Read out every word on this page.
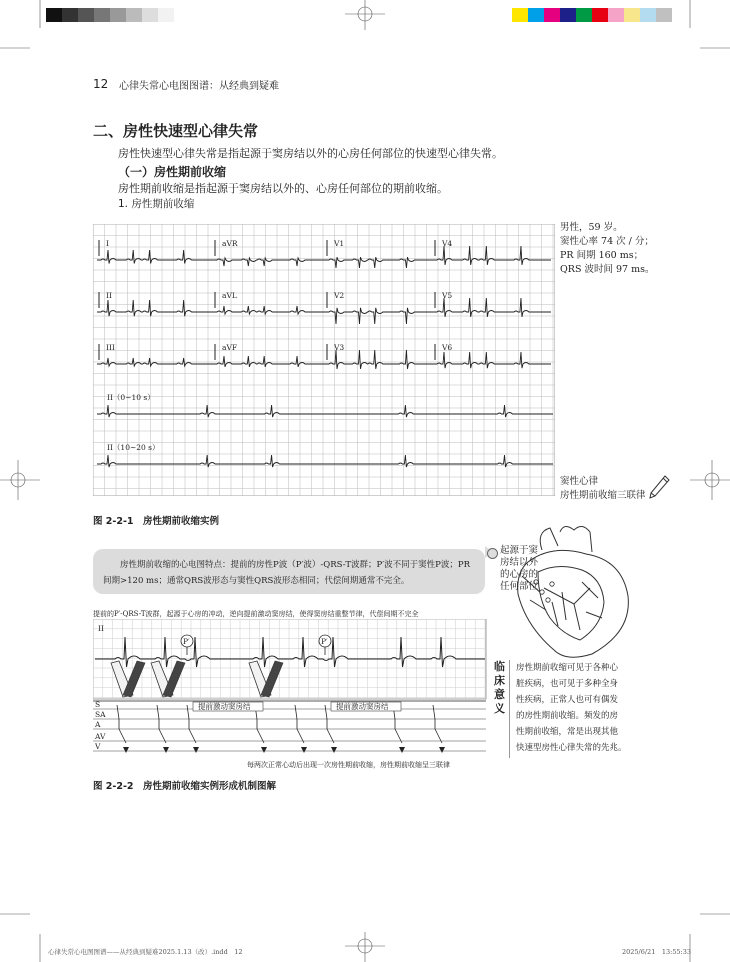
12 心律失常心电图图谱：从经典到疑难
二、房性快速型心律失常
房性快速型心律失常是指起源于窦房结以外的心房任何部位的快速型心律失常。
（一）房性期前收缩
房性期前收缩是指起源于窦房结以外的、心房任何部位的期前收缩。
1. 房性期前收缩
I	aVR	V1	V4
II	aVL	V2	V5
III	aVF	V3	V6
II（0~10 s）
II（10~20 s）
男性，59 岁。
窦性心率 74 次 / 分；
PR 间期 160 ms；
QRS 波时间 97 ms。
窦性心律
房性期前收缩三联律
图 2-2-1　房性期前收缩实例
房性期前收缩的心电图特点：提前的房性P波（P′波）-QRS-T波群；P′波不同于窦性P波；PR间期>120 ms；通常QRS波形态与窦性QRS波形态相同；代偿间期通常不完全。
起源于窦房结以外的心房的任何部位
临
床
意
义
房性期前收缩可见于各种心
脏疾病，也可见于多种全身
性疾病，正常人也可有偶发
的房性期前收缩。频发的房
性期前收缩，常是出现其他
快速型房性心律失常的先兆。
提前的P′-QRS-T波群，起源于心房的冲动，逆向提前激动窦房结，使得窦房结重整节律，代偿间期不完全
II
P′	P′
S
SA
A
AV
V
提前激动窦房结	提前激动窦房结
每两次正常心动后出现一次房性期前收缩，房性期前收缩呈三联律
图 2-2-2　房性期前收缩实例形成机制图解
心律失常心电图图谱——从经典到疑难2025.1.13（改）.indd　12	2025/6/21　13:55:33
